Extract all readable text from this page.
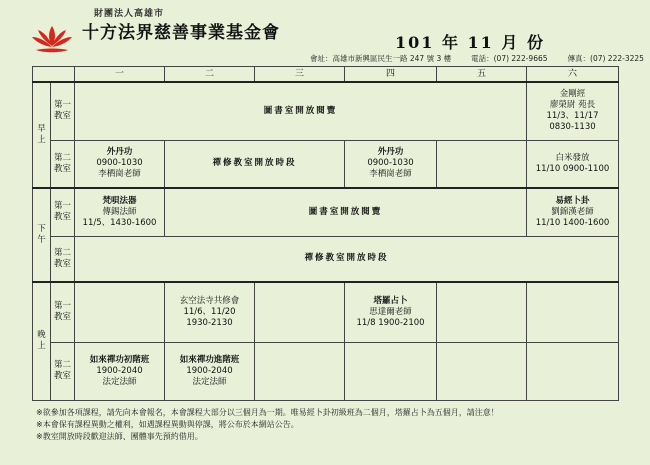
財團法人高雄市
十方法界慈善事業基金會	101 年 11 月 份
會址：高雄市新興區民生一路 247 號 3 樓	電話：(07) 222-9665	傳真：(07) 222-3225
		一	二	三	四	五	六

早
上	第一教室	圖書室開放閱覽					金剛經
廖榮尉 苑長
11/3、11/17
0830-1130

	第二教室	外丹功
0900-1030
李栖崗老師	禪修教室開放時段		外丹功
0900-1030
李栖崗老師		白米發放
11/10 0900-1100

下
午	第一教室	梵唄法器
傳錫法師
11/5、1430-1600	圖書室開放閱覽				易經卜卦
劉錦漢老師
11/10 1400-1600

	第二教室	禪修教室開放時段					

晚
上	第一教室		玄空法寺共修會
11/6、11/20
1930-2130		塔羅占卜
思達爾老師
11/8 1900-2100		

	第二教室	如來禪功初階班
1900-2040
法定法師	如來禪功進階班
1900-2040
法定法師				

※欲參加各項課程，請先向本會報名，本會課程大部分以三個月為一期。唯易經卜卦初級班為二個月，塔羅占卜為五個月，請注意！
※本會保有課程異動之權利，如遇課程異動與停課，將公布於本網站公告。
※教室開放時段歡迎法師、團體事先預約借用。
